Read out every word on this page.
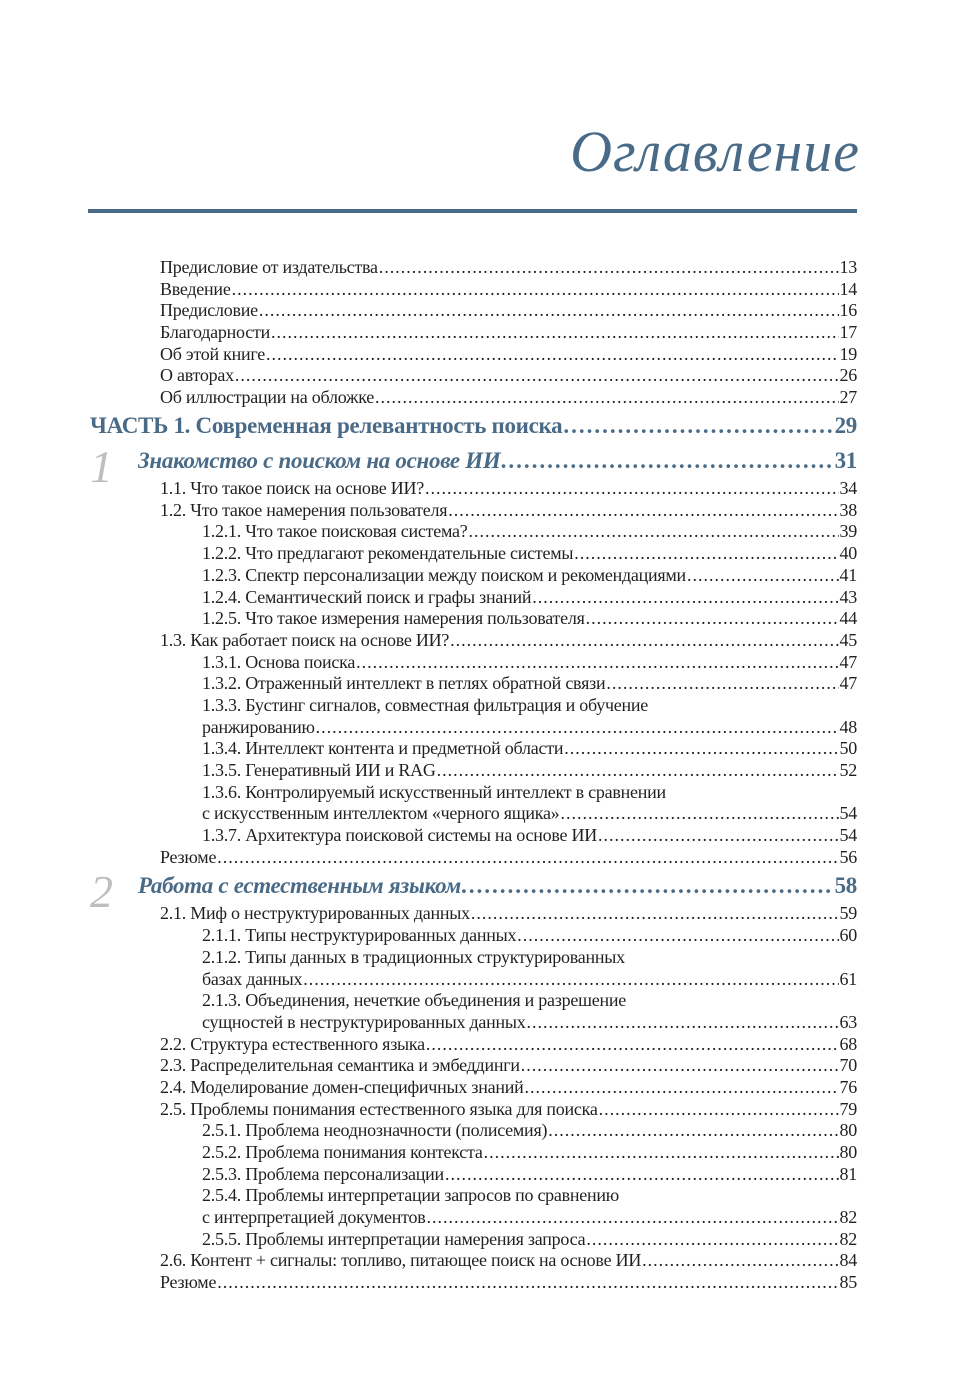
Оглавление
Предисловие от издательства .....	13
Введение .....	14
Предисловие .....	16
Благодарности .....	17
Об этой книге .....	19
О авторах .....	26
Об иллюстрации на обложке .....	27
ЧАСТЬ 1. Современная релевантность поиска .....	29
1 Знакомство с поиском на основе ИИ .....	31
1.1. Что такое поиск на основе ИИ? .....	34
1.2. Что такое намерения пользователя .....	38
1.2.1. Что такое поисковая система? .....	39
1.2.2. Что предлагают рекомендательные системы .....	40
1.2.3. Спектр персонализации между поиском и рекомендациями .....	41
1.2.4. Семантический поиск и графы знаний .....	43
1.2.5. Что такое измерения намерения пользователя .....	44
1.3. Как работает поиск на основе ИИ? .....	45
1.3.1. Основа поиска .....	47
1.3.2. Отраженный интеллект в петлях обратной связи .....	47
1.3.3. Бустинг сигналов, совместная фильтрация и обучение
ранжированию .....	48
1.3.4. Интеллект контента и предметной области .....	50
1.3.5. Генеративный ИИ и RAG .....	52
1.3.6. Контролируемый искусственный интеллект в сравнении
с искусственным интеллектом «черного ящика» .....	54
1.3.7. Архитектура поисковой системы на основе ИИ .....	54
Резюме .....	56
2 Работа с естественным языком .....	58
2.1. Миф о неструктурированных данных .....	59
2.1.1. Типы неструктурированных данных .....	60
2.1.2. Типы данных в традиционных структурированных
базах данных .....	61
2.1.3. Объединения, нечеткие объединения и разрешение
сущностей в неструктурированных данных .....	63
2.2. Структура естественного языка .....	68
2.3. Распределительная семантика и эмбеддинги .....	70
2.4. Моделирование домен-специфичных знаний .....	76
2.5. Проблемы понимания естественного языка для поиска .....	79
2.5.1. Проблема неоднозначности (полисемия) .....	80
2.5.2. Проблема понимания контекста .....	80
2.5.3. Проблема персонализации .....	81
2.5.4. Проблемы интерпретации запросов по сравнению
с интерпретацией документов .....	82
2.5.5. Проблемы интерпретации намерения запроса .....	82
2.6. Контент + сигналы: топливо, питающее поиск на основе ИИ .....	84
Резюме .....	85
